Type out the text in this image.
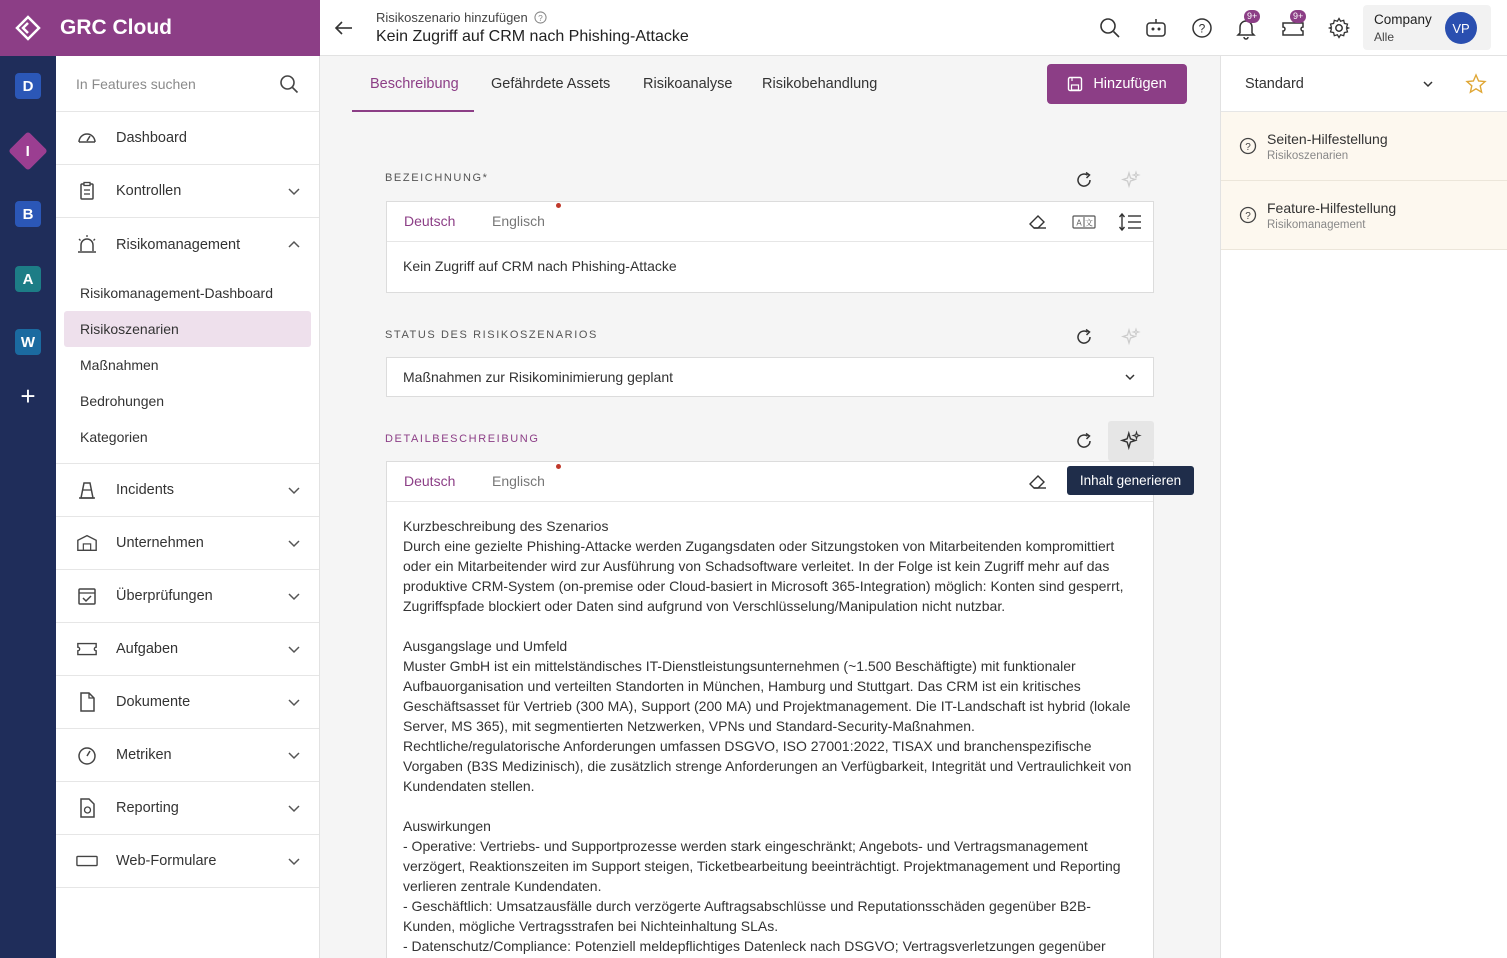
D
I
B
A
W
+
GRC Cloud
In Features suchen
Dashboard
Kontrollen
Risikomanagement
Risikomanagement-Dashboard
Risikoszenarien
Maßnahmen
Bedrohungen
Kategorien
Incidents
Unternehmen
Überprüfungen
Aufgaben
Dokumente
Metriken
Reporting
Web-Formulare
Risikoszenario hinzufügen ?
Kein Zugriff auf CRM nach Phishing-Attacke	?
9+	9+	Company
Alle
VP
Beschreibung Gefährdete Assets Risikoanalyse Risikobehandlung	Hinzufügen
BEZEICHNUNG*
Deutsch	Englisch	A 文
Kein Zugriff auf CRM nach Phishing-Attacke
STATUS DES RISIKOSZENARIOS
Maßnahmen zur Risikominimierung geplant
DETAILBESCHREIBUNG
Deutsch	Englisch

Kurzbeschreibung des Szenarios

Durch eine gezielte Phishing-Attacke werden Zugangsdaten oder Sitzungstoken von Mitarbeitenden kompromittiert oder ein Mitarbeitender wird zur Ausführung von Schadsoftware verleitet. In der Folge ist kein Zugriff mehr auf das produktive CRM-System (on-premise oder Cloud-basiert in Microsoft 365-Integration) möglich: Konten sind gesperrt, Zugriffspfade blockiert oder Daten sind aufgrund von Verschlüsselung/Manipulation nicht nutzbar.

Ausgangslage und Umfeld

Muster GmbH ist ein mittelständisches IT-Dienstleistungsunternehmen (~1.500 Beschäftigte) mit funktionaler Aufbauorganisation und verteilten Standorten in München, Hamburg und Stuttgart. Das CRM ist ein kritisches Geschäftsasset für Vertrieb (300 MA), Support (200 MA) und Projektmanagement. Die IT-Landschaft ist hybrid (lokale Server, MS 365), mit segmentierten Netzwerken, VPNs und Standard-Security-Maßnahmen.

Rechtliche/regulatorische Anforderungen umfassen DSGVO, ISO 27001:2022, TISAX und branchenspezifische Vorgaben (B3S Medizinisch), die zusätzlich strenge Anforderungen an Verfügbarkeit, Integrität und Vertraulichkeit von Kundendaten stellen.

Auswirkungen

- Operative: Vertriebs- und Supportprozesse werden stark eingeschränkt; Angebots- und Vertragsmanagement verzögert, Reaktionszeiten im Support steigen, Ticketbearbeitung beeinträchtigt. Projektmanagement und Reporting verlieren zentrale Kundendaten.

- Geschäftlich: Umsatzausfälle durch verzögerte Auftragsabschlüsse und Reputationsschäden gegenüber B2B-Kunden, mögliche Vertragsstrafen bei Nichteinhaltung SLAs.

- Datenschutz/Compliance: Potenziell meldepflichtiges Datenleck nach DSGVO; Vertragsverletzungen gegenüber

Inhalt generieren
Standard
?
Seiten-Hilfestellung
Risikoszenarien
?
Feature-Hilfestellung
Risikomanagement
